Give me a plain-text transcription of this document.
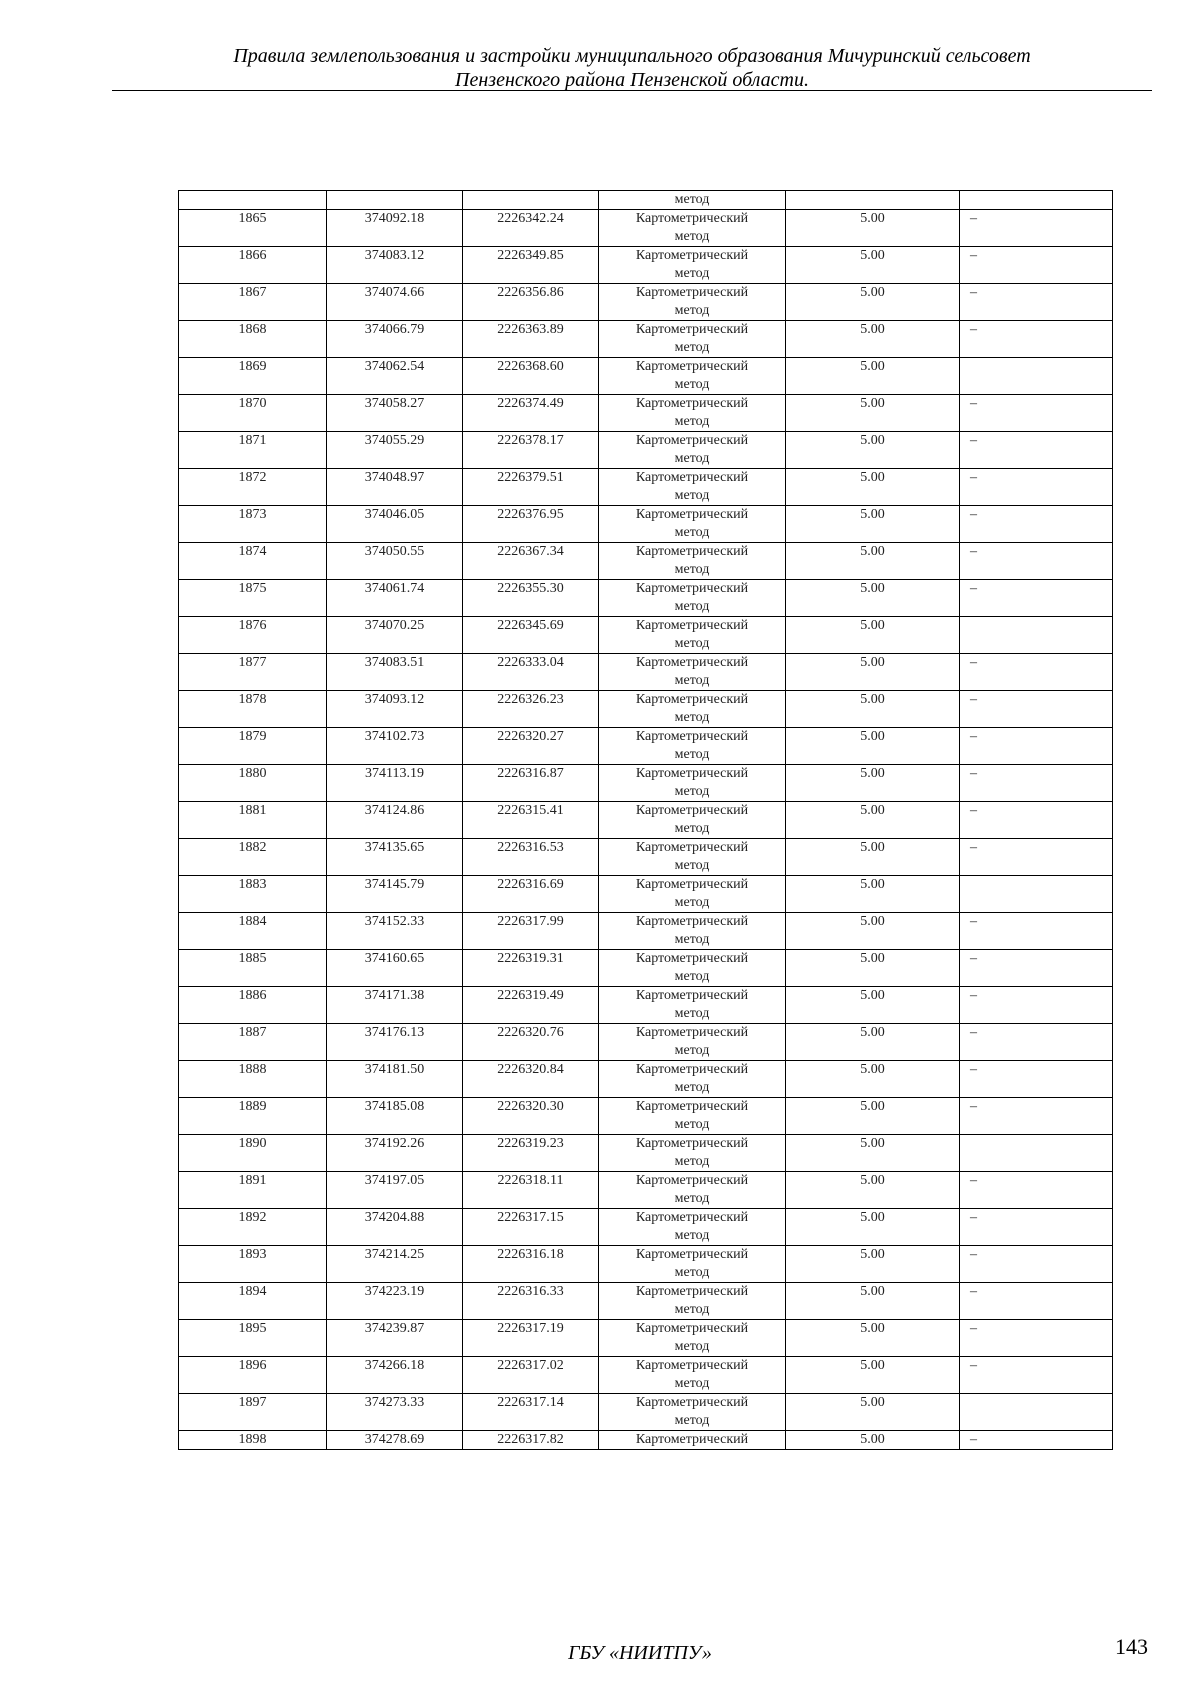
Правила землепользования и застройки муниципального образования Мичуринский сельсовет
Пензенского района Пензенской области.
			метод		
1865	374092.18	2226342.24	Картометрический
метод	5.00	–
1866	374083.12	2226349.85	Картометрический
метод	5.00	–
1867	374074.66	2226356.86	Картометрический
метод	5.00	–
1868	374066.79	2226363.89	Картометрический
метод	5.00	–
1869	374062.54	2226368.60	Картометрический
метод	5.00	
1870	374058.27	2226374.49	Картометрический
метод	5.00	–
1871	374055.29	2226378.17	Картометрический
метод	5.00	–
1872	374048.97	2226379.51	Картометрический
метод	5.00	–
1873	374046.05	2226376.95	Картометрический
метод	5.00	–
1874	374050.55	2226367.34	Картометрический
метод	5.00	–
1875	374061.74	2226355.30	Картометрический
метод	5.00	–
1876	374070.25	2226345.69	Картометрический
метод	5.00	
1877	374083.51	2226333.04	Картометрический
метод	5.00	–
1878	374093.12	2226326.23	Картометрический
метод	5.00	–
1879	374102.73	2226320.27	Картометрический
метод	5.00	–
1880	374113.19	2226316.87	Картометрический
метод	5.00	–
1881	374124.86	2226315.41	Картометрический
метод	5.00	–
1882	374135.65	2226316.53	Картометрический
метод	5.00	–
1883	374145.79	2226316.69	Картометрический
метод	5.00	
1884	374152.33	2226317.99	Картометрический
метод	5.00	–
1885	374160.65	2226319.31	Картометрический
метод	5.00	–
1886	374171.38	2226319.49	Картометрический
метод	5.00	–
1887	374176.13	2226320.76	Картометрический
метод	5.00	–
1888	374181.50	2226320.84	Картометрический
метод	5.00	–
1889	374185.08	2226320.30	Картометрический
метод	5.00	–
1890	374192.26	2226319.23	Картометрический
метод	5.00	
1891	374197.05	2226318.11	Картометрический
метод	5.00	–
1892	374204.88	2226317.15	Картометрический
метод	5.00	–
1893	374214.25	2226316.18	Картометрический
метод	5.00	–
1894	374223.19	2226316.33	Картометрический
метод	5.00	–
1895	374239.87	2226317.19	Картометрический
метод	5.00	–
1896	374266.18	2226317.02	Картометрический
метод	5.00	–
1897	374273.33	2226317.14	Картометрический
метод	5.00	
1898	374278.69	2226317.82	Картометрический	5.00	–
ГБУ «НИИТПУ»	143
